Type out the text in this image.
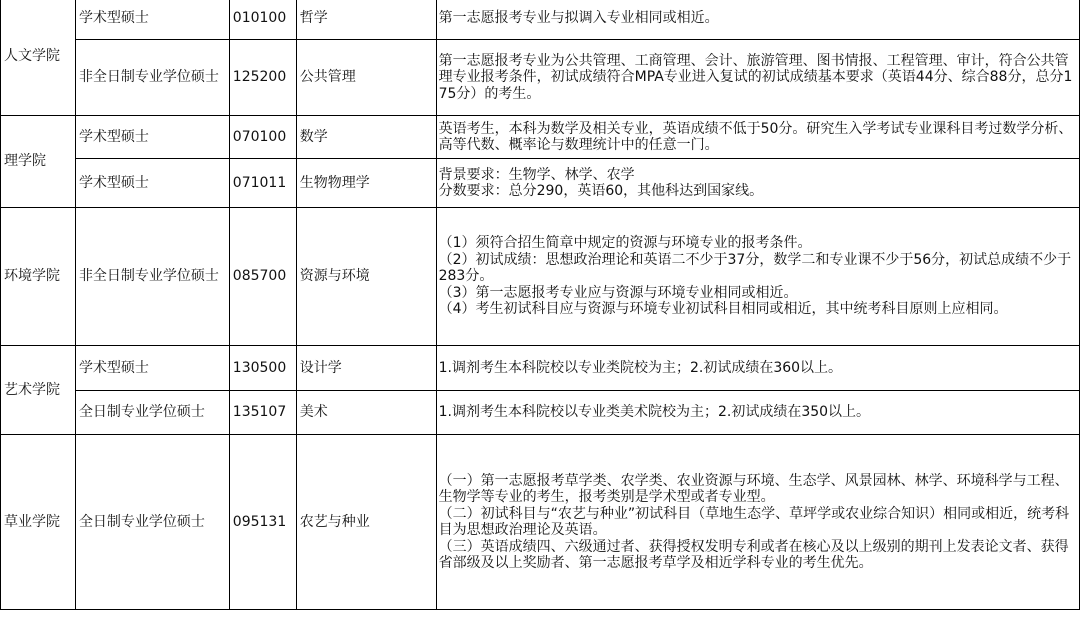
人文学院	学术型硕士	010100	哲学	第一志愿报考专业与拟调入专业相同或相近。

	非全日制专业学位硕士	125200	公共管理	第一志愿报考专业为公共管理、工商管理、会计、旅游管理、图书情报、工程管理、审计，符合公共管理专业报考条件，初试成绩符合MPA专业进入复试的初试成绩基本要求（英语44分、综合88分，总分175分）的考生。

理学院	学术型硕士	070100	数学	英语考生，本科为数学及相关专业，英语成绩不低于50分。研究生入学考试专业课科目考过数学分析、高等代数、概率论与数理统计中的任意一门。

	学术型硕士	071011	生物物理学	背景要求：生物学、林学、农学
分数要求：总分290，英语60，其他科达到国家线。

环境学院	非全日制专业学位硕士	085700	资源与环境	（1）须符合招生简章中规定的资源与环境专业的报考条件。
（2）初试成绩：思想政治理论和英语二不少于37分，数学二和专业课不少于56分，初试总成绩不少于283分。
（3）第一志愿报考专业应与资源与环境专业相同或相近。
（4）考生初试科目应与资源与环境专业初试科目相同或相近，其中统考科目原则上应相同。

艺术学院	学术型硕士	130500	设计学	1.调剂考生本科院校以专业类院校为主；2.初试成绩在360以上。

	全日制专业学位硕士	135107	美术	1.调剂考生本科院校以专业类美术院校为主；2.初试成绩在350以上。

草业学院	全日制专业学位硕士	095131	农艺与种业	（一）第一志愿报考草学类、农学类、农业资源与环境、生态学、风景园林、林学、环境科学与工程、生物学等专业的考生，报考类别是学术型或者专业型。
（二）初试科目与“农艺与种业”初试科目（草地生态学、草坪学或农业综合知识）相同或相近，统考科目为思想政治理论及英语。
（三）英语成绩四、六级通过者、获得授权发明专利或者在核心及以上级别的期刊上发表论文者、获得省部级及以上奖励者、第一志愿报考草学及相近学科专业的考生优先。
